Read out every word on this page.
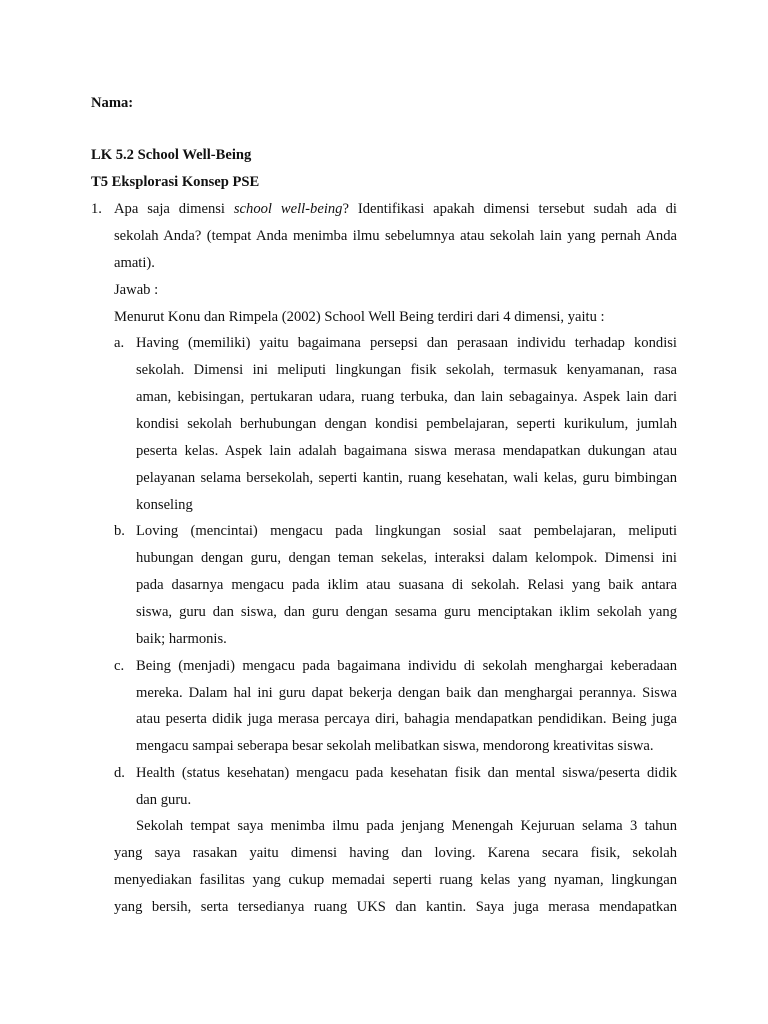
Nama:
LK 5.2 School Well-Being
T5 Eksplorasi Konsep PSE
1. Apa saja dimensi school well-being? Identifikasi apakah dimensi tersebut sudah ada di
sekolah Anda? (tempat Anda menimba ilmu sebelumnya atau sekolah lain yang pernah Anda
amati).
Jawab :
Menurut Konu dan Rimpela (2002) School Well Being terdiri dari 4 dimensi, yaitu :
a. Having (memiliki) yaitu bagaimana persepsi dan perasaan individu terhadap kondisi
sekolah. Dimensi ini meliputi lingkungan fisik sekolah, termasuk kenyamanan, rasa
aman, kebisingan, pertukaran udara, ruang terbuka, dan lain sebagainya. Aspek lain dari
kondisi sekolah berhubungan dengan kondisi pembelajaran, seperti kurikulum, jumlah
peserta kelas. Aspek lain adalah bagaimana siswa merasa mendapatkan dukungan atau
pelayanan selama bersekolah, seperti kantin, ruang kesehatan, wali kelas, guru bimbingan
konseling
b. Loving (mencintai) mengacu pada lingkungan sosial saat pembelajaran, meliputi
hubungan dengan guru, dengan teman sekelas, interaksi dalam kelompok. Dimensi ini
pada dasarnya mengacu pada iklim atau suasana di sekolah. Relasi yang baik antara
siswa, guru dan siswa, dan guru dengan sesama guru menciptakan iklim sekolah yang
baik; harmonis.
c. Being (menjadi) mengacu pada bagaimana individu di sekolah menghargai keberadaan
mereka. Dalam hal ini guru dapat bekerja dengan baik dan menghargai perannya. Siswa
atau peserta didik juga merasa percaya diri, bahagia mendapatkan pendidikan. Being juga
mengacu sampai seberapa besar sekolah melibatkan siswa, mendorong kreativitas siswa.
d. Health (status kesehatan) mengacu pada kesehatan fisik dan mental siswa/peserta didik
dan guru.
Sekolah tempat saya menimba ilmu pada jenjang Menengah Kejuruan selama 3 tahun
yang saya rasakan yaitu dimensi having dan loving. Karena secara fisik, sekolah
menyediakan fasilitas yang cukup memadai seperti ruang kelas yang nyaman, lingkungan
yang bersih, serta tersedianya ruang UKS dan kantin. Saya juga merasa mendapatkan
